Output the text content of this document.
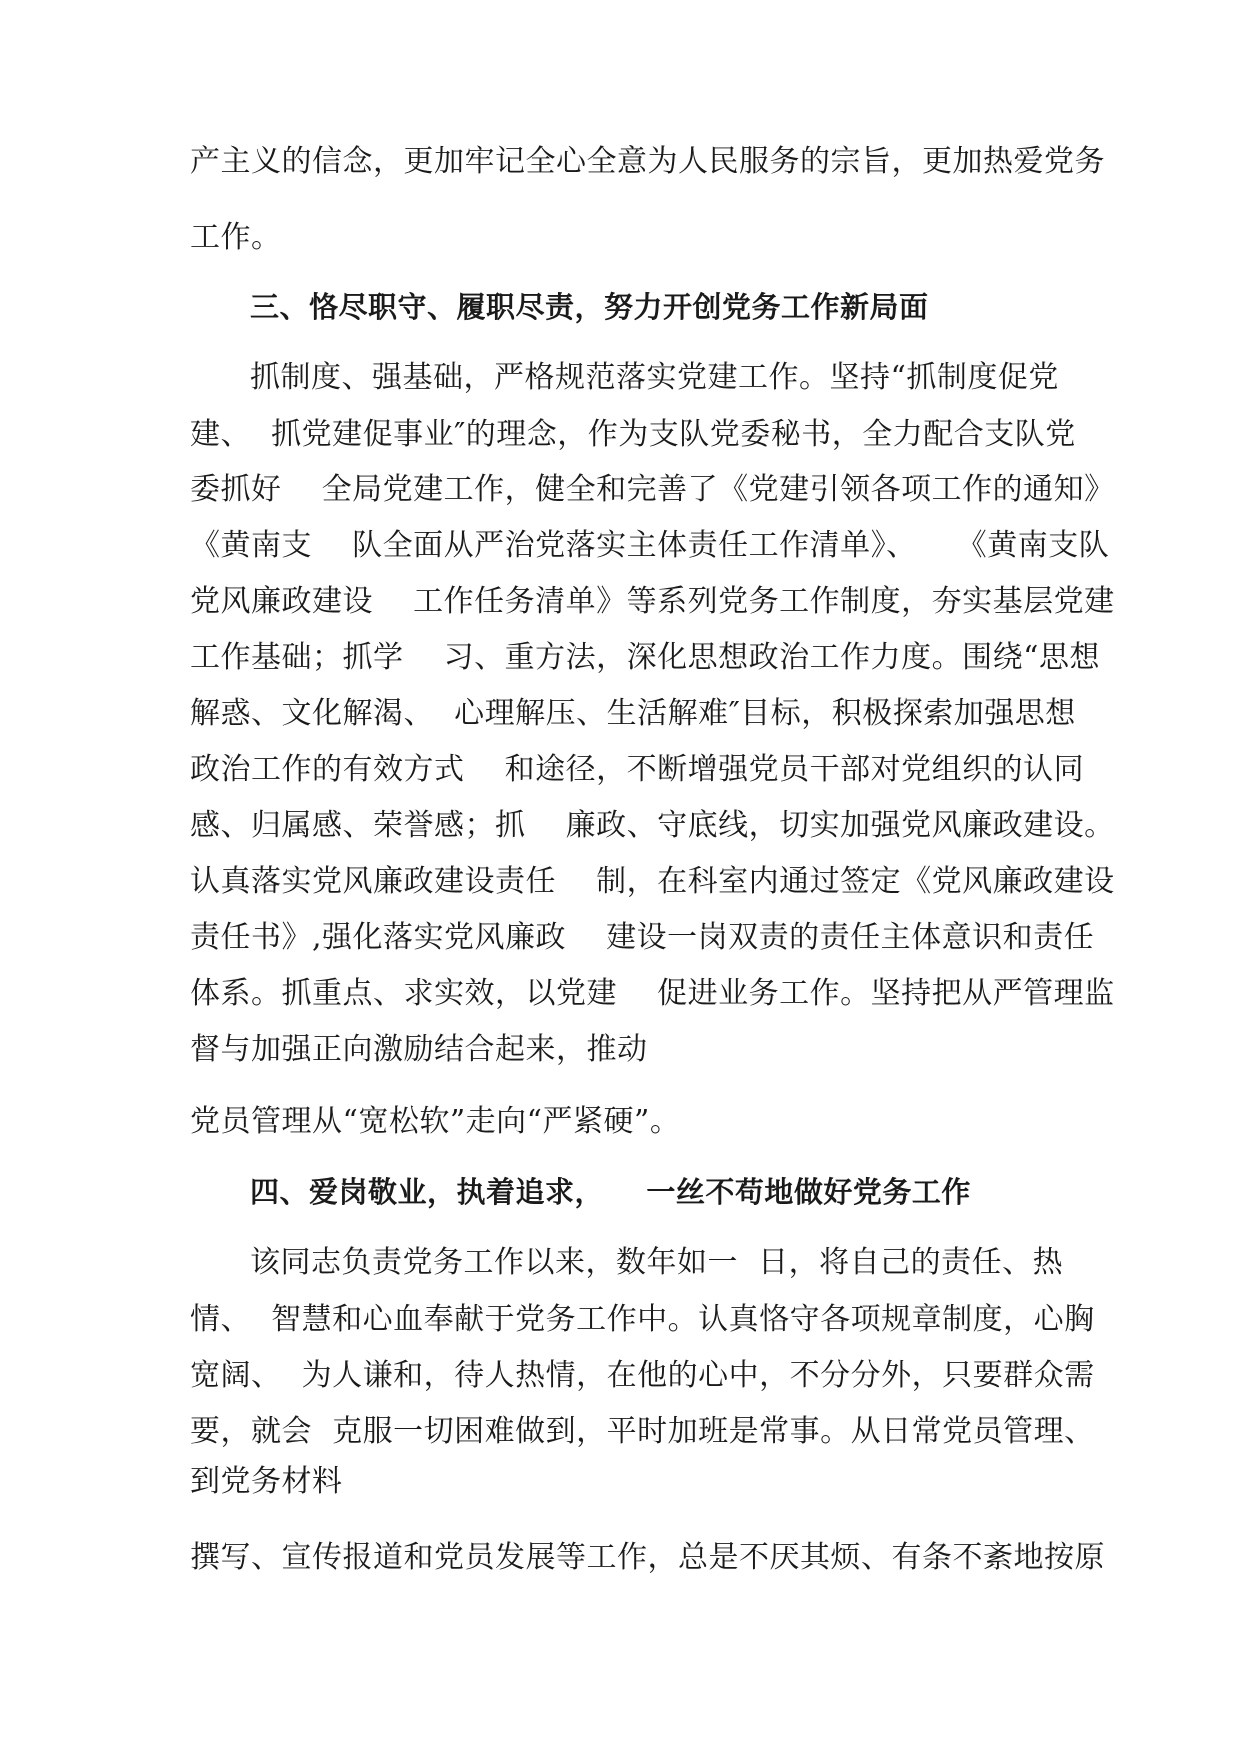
产主义的信念，更加牢记全心全意为人民服务的宗旨，更加热爱党务

工作。

三、恪尽职守、履职尽责，努力开创党务工作新局面

抓制度、强基础，严格规范落实党建工作。坚持“抓制度促党

建、  抓党建促事业″的理念，作为支队党委秘书，全力配合支队党

委抓好    全局党建工作，健全和完善了《党建引领各项工作的通知》

《黄南支    队全面从严治党落实主体责任工作清单》、    《黄南支队

党风廉政建设    工作任务清单》等系列党务工作制度，夯实基层党建

工作基础；抓学    习、重方法，深化思想政治工作力度。围绕“思想

解惑、文化解渴、  心理解压、生活解难″目标，积极探索加强思想

政治工作的有效方式    和途径，不断增强党员干部对党组织的认同

感、归属感、荣誉感；抓    廉政、守底线，切实加强党风廉政建设。

认真落实党风廉政建设责任    制，在科室内通过签定《党风廉政建设

责任书》,强化落实党风廉政    建设一岗双责的责任主体意识和责任

体系。抓重点、求实效，以党建    促进业务工作。坚持把从严管理监

督与加强正向激励结合起来，推动

党员管理从“宽松软”走向“严紧硬”。

四、爱岗敬业，执着追求，    一丝不苟地做好党务工作

该同志负责党务工作以来，数年如一  日，将自己的责任、热

情、  智慧和心血奉献于党务工作中。认真恪守各项规章制度，心胸

宽阔、  为人谦和，待人热情，在他的心中，不分分外，只要群众需

要，就会  克服一切困难做到，平时加班是常事。从日常党员管理、

到党务材料

撰写、宣传报道和党员发展等工作，总是不厌其烦、有条不紊地按原
